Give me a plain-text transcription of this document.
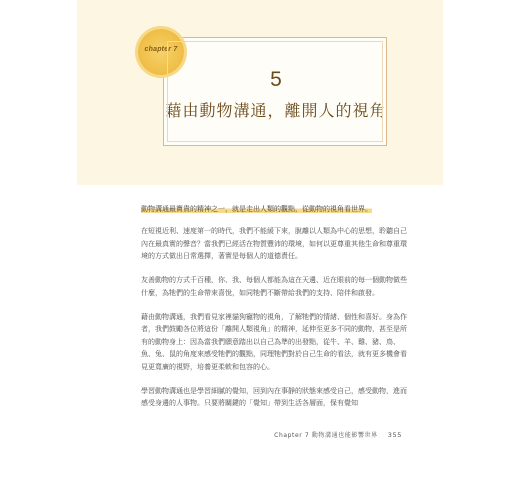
chapter 7
5
藉由動物溝通，離開人的視角

動物溝通最寶貴的精神之一，就是走出人類的觀點，從動物的視角看世界。

在短視近利、速度第一的時代，我們不能緩下來，脫離以人類為中心的思想，聆聽自己內在最真實的聲音？當我們已經活在物質豐沛的環境，如何以更尊重其他生命和尊重環境的方式做出日常選擇，著實是每個人的道德責任。

友善動物的方式千百種，你、我、每個人都能為這在天邊、近在眼前的每一個動物做些什麼，為牠們的生命帶來喜悅，如同牠們不斷帶給我們的支持、陪伴和啟發。

藉由動物溝通，我們看見家裡貓狗寵物的視角，了解牠們的情緒、個性和喜好。身為作者，我們鼓勵各位將這份「離開人類視角」的精神，延伸至更多不同的動物，甚至是所有的動物身上：因為當我們願意踏出以自己為準的出發點，從牛、羊、雞、豬、鳥、魚、兔、鼠的角度來感受牠們的觀點，同理牠們對於自己生命的看法，就有更多機會看見更寬廣的視野，培養更柔軟和包容的心。

學習動物溝通也是學習細膩的覺知，回到內在事靜的狀態來感受自己，感受動物，進而感受身邊的人事物。只要將關鍵的「覺知」帶到生活各層面，保有覺知

Chapter 7 動物溝通也能影響世界 355
